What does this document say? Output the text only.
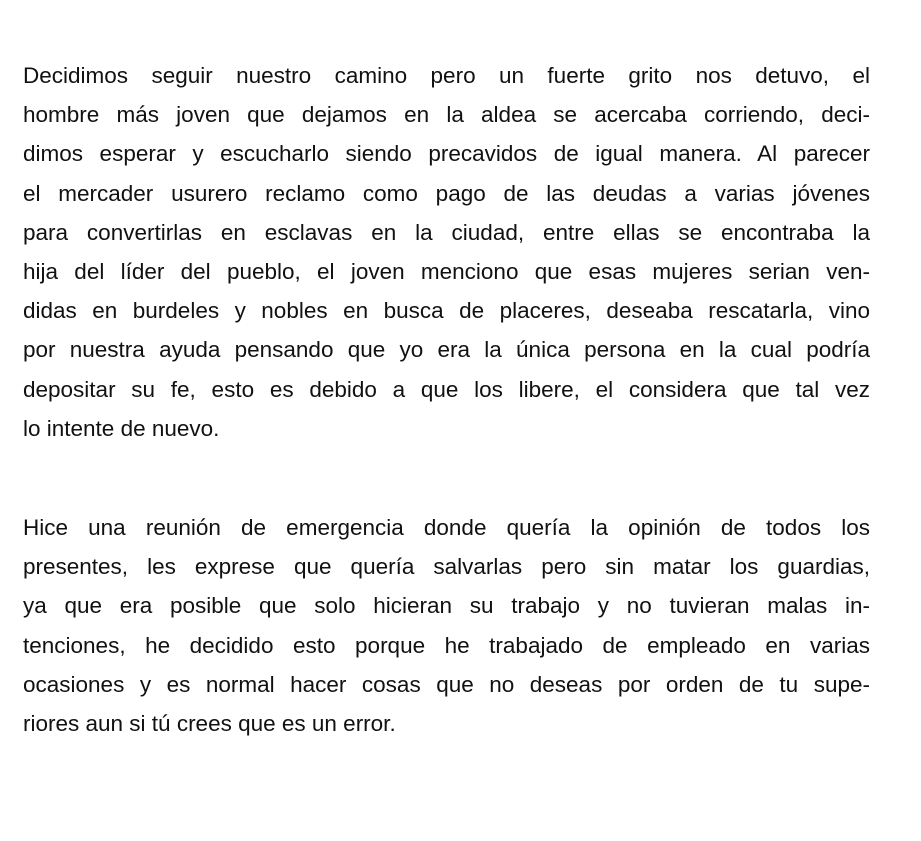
Decidimos seguir nuestro camino pero un fuerte grito nos detuvo, el
hombre más joven que dejamos en la aldea se acercaba corriendo, deci-
dimos esperar y escucharlo siendo precavidos de igual manera. Al parecer
el mercader usurero reclamo como pago de las deudas a varias jóvenes
para convertirlas en esclavas en la ciudad, entre ellas se encontraba la
hija del líder del pueblo, el joven menciono que esas mujeres serian ven-
didas en burdeles y nobles en busca de placeres, deseaba rescatarla, vino
por nuestra ayuda pensando que yo era la única persona en la cual podría
depositar su fe, esto es debido a que los libere, el considera que tal vez
lo intente de nuevo.
Hice una reunión de emergencia donde quería la opinión de todos los
presentes, les exprese que quería salvarlas pero sin matar los guardias,
ya que era posible que solo hicieran su trabajo y no tuvieran malas in-
tenciones, he decidido esto porque he trabajado de empleado en varias
ocasiones y es normal hacer cosas que no deseas por orden de tu supe-
riores aun si tú crees que es un error.
